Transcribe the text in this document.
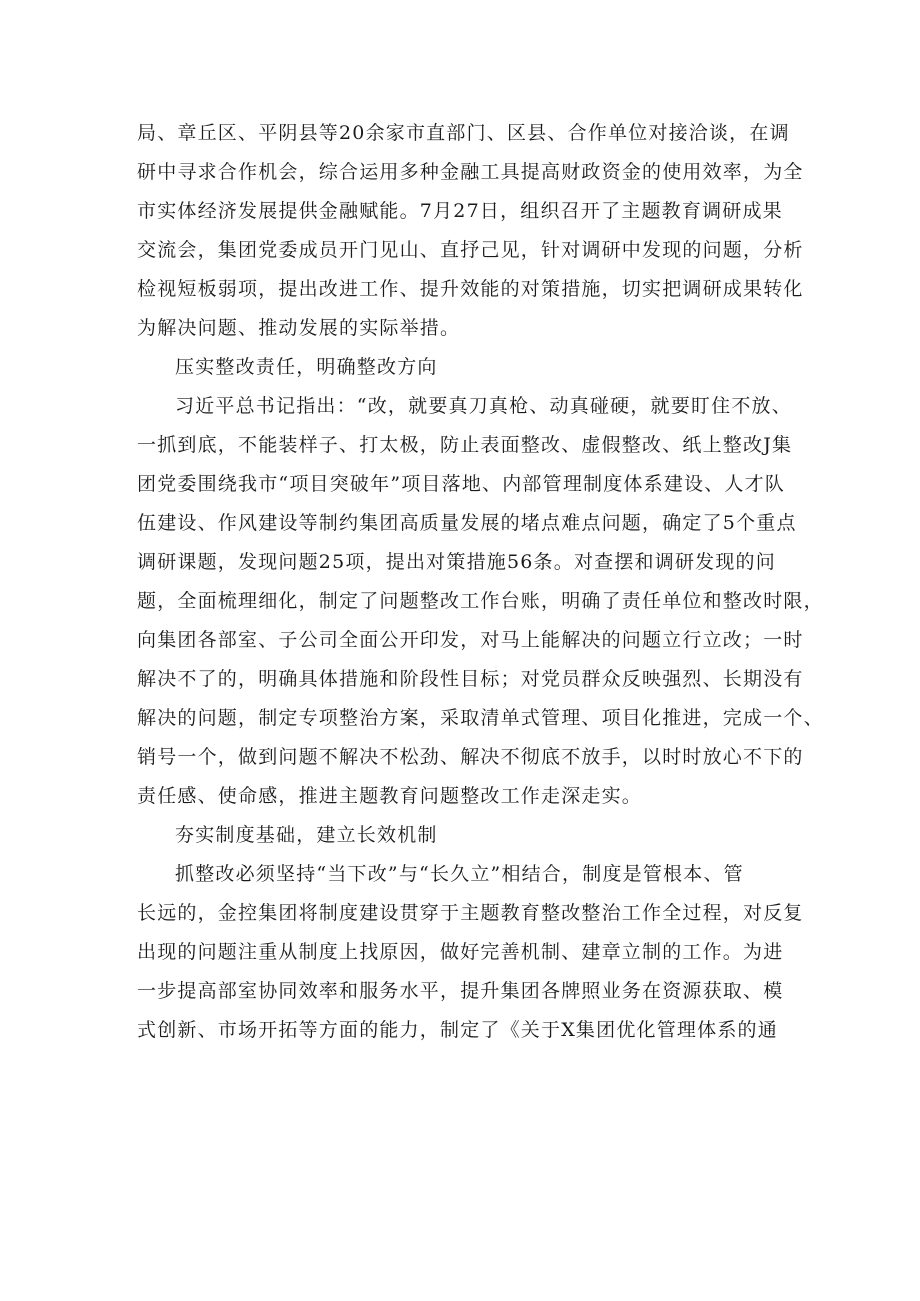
局、章丘区、平阴县等20余家市直部门、区县、合作单位对接洽谈，在调
研中寻求合作机会，综合运用多种金融工具提高财政资金的使用效率，为全
市实体经济发展提供金融赋能。7月27日，组织召开了主题教育调研成果
交流会，集团党委成员开门见山、直抒己见，针对调研中发现的问题，分析
检视短板弱项，提出改进工作、提升效能的对策措施，切实把调研成果转化
为解决问题、推动发展的实际举措。
压实整改责任，明确整改方向
习近平总书记指出：“改，就要真刀真枪、动真碰硬，就要盯住不放、
一抓到底，不能装样子、打太极，防止表面整改、虚假整改、纸上整改J集
团党委围绕我市“项目突破年”项目落地、内部管理制度体系建设、人才队
伍建设、作风建设等制约集团高质量发展的堵点难点问题，确定了5个重点
调研课题，发现问题25项，提出对策措施56条。对查摆和调研发现的问
题，全面梳理细化，制定了问题整改工作台账，明确了责任单位和整改时限，
向集团各部室、子公司全面公开印发，对马上能解决的问题立行立改；一时
解决不了的，明确具体措施和阶段性目标；对党员群众反映强烈、长期没有
解决的问题，制定专项整治方案，采取清单式管理、项目化推进，完成一个、
销号一个，做到问题不解决不松劲、解决不彻底不放手，以时时放心不下的
责任感、使命感，推进主题教育问题整改工作走深走实。
夯实制度基础，建立长效机制
抓整改必须坚持“当下改”与“长久立”相结合，制度是管根本、管
长远的，金控集团将制度建设贯穿于主题教育整改整治工作全过程，对反复
出现的问题注重从制度上找原因，做好完善机制、建章立制的工作。为进
一步提高部室协同效率和服务水平，提升集团各牌照业务在资源获取、模
式创新、市场开拓等方面的能力，制定了《关于X集团优化管理体系的通
